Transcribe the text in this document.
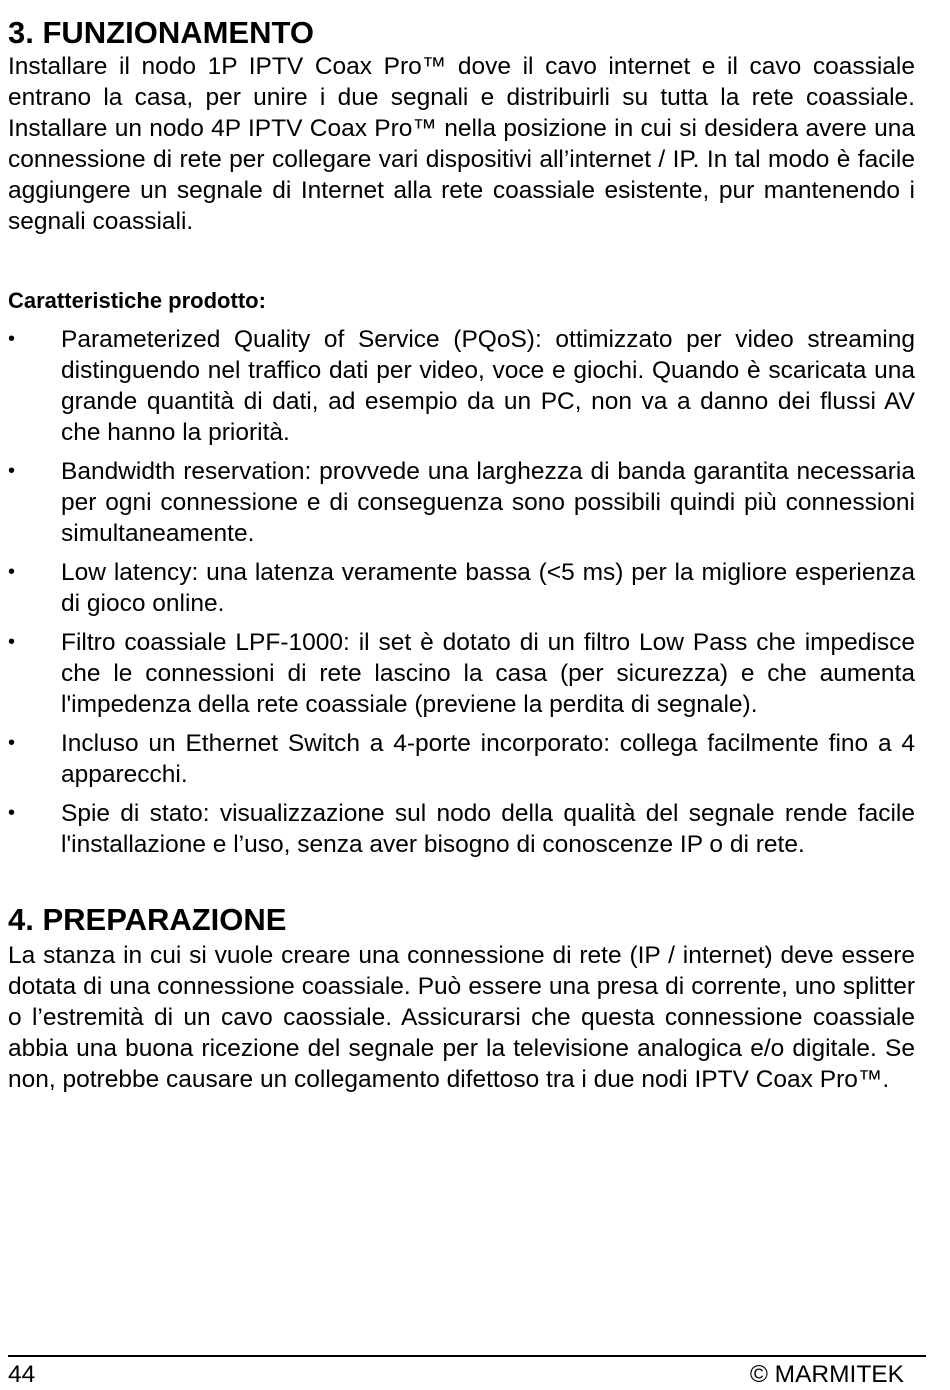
3. FUNZIONAMENTO

Installare il nodo 1P IPTV Coax Pro™ dove il cavo internet e il cavo coassiale entrano la casa, per unire i due segnali e distribuirli su tutta la rete coassiale. Installare un nodo 4P IPTV Coax Pro™ nella posizione in cui si desidera avere una connessione di rete per collegare vari dispositivi all’internet / IP. In tal modo è facile aggiungere un segnale di Internet alla rete coassiale esistente, pur mantenendo i segnali coassiali.

Caratteristiche prodotto:
•	Parameterized Quality of Service (PQoS): ottimizzato per video streaming distinguendo nel traffico dati per video, voce e giochi. Quando è scaricata una grande quantità di dati, ad esempio da un PC, non va a danno dei flussi AV che hanno la priorità.
•	Bandwidth reservation: provvede una larghezza di banda garantita necessaria per ogni connessione e di conseguenza sono possibili quindi più connessioni simultaneamente.
•	Low latency: una latenza veramente bassa (<5 ms) per la migliore esperienza di gioco online.
•	Filtro coassiale LPF-1000: il set è dotato di un filtro Low Pass che impedisce che le connessioni di rete lascino la casa (per sicurezza) e che aumenta l'impedenza della rete coassiale (previene la perdita di segnale).
•	Incluso un Ethernet Switch a 4-porte incorporato: collega facilmente fino a 4 apparecchi.
•	Spie di stato: visualizzazione sul nodo della qualità del segnale rende facile l'installazione e l’uso, senza aver bisogno di conoscenze IP o di rete.
4. PREPARAZIONE

La stanza in cui si vuole creare una connessione di rete (IP / internet) deve essere dotata di una connessione coassiale. Può essere una presa di corrente, uno splitter o l’estremità di un cavo caossiale. Assicurarsi che questa connessione coassiale abbia una buona ricezione del segnale per la televisione analogica e/o digitale. Se non, potrebbe causare un collegamento difettoso tra i due nodi IPTV Coax Pro™.

44	© MARMITEK
